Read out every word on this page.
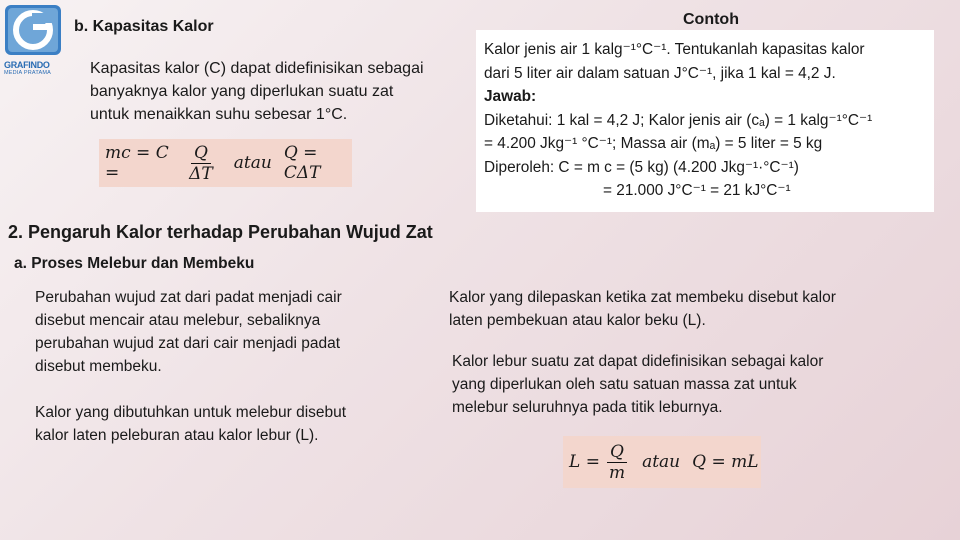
GRAFINDO
MEDIA PRATAMA
b. Kapasitas Kalor
Kapasitas kalor (C) dapat didefinisikan sebagai
banyaknya kalor yang diperlukan suatu zat
untuk menaikkan suhu sebesar 1°C.
mc = C =	$\frac{Q}{\Delta T}$ atau Q = CΔT
Contoh
Kalor jenis air 1 kalg⁻¹°C⁻¹. Tentukanlah kapasitas kalor
dari 5 liter air dalam satuan J°C⁻¹, jika 1 kal = 4,2 J.
Jawab:
Diketahui: 1 kal = 4,2 J; Kalor jenis air (cₐ) = 1 kalg⁻¹°C⁻¹
= 4.200 Jkg⁻¹ °C⁻¹; Massa air (mₐ) = 5 liter = 5 kg
Diperoleh: C = m c = (5 kg) (4.200 Jkg⁻¹·°C⁻¹)
= 21.000 J°C⁻¹ = 21 kJ°C⁻¹
2. Pengaruh Kalor terhadap Perubahan Wujud Zat
a. Proses Melebur dan Membeku
Perubahan wujud zat dari padat menjadi cair
disebut mencair atau melebur, sebaliknya
perubahan wujud zat dari cair menjadi padat
disebut membeku.
Kalor yang dibutuhkan untuk melebur disebut
kalor laten peleburan atau kalor lebur (L).
Kalor yang dilepaskan ketika zat membeku disebut kalor
laten pembekuan atau kalor beku (L).
Kalor lebur suatu zat dapat didefinisikan sebagai kalor
yang diperlukan oleh satu satuan massa zat untuk
melebur seluruhnya pada titik leburnya.
$L = \frac{Q}{m}$ atau Q = mL
